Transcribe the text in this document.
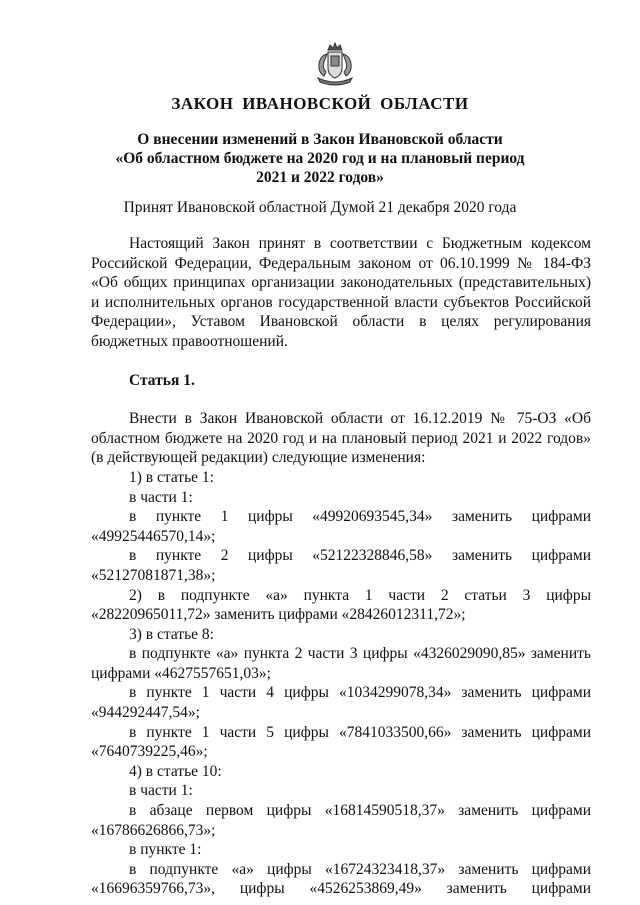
ЗАКОН ИВАНОВСКОЙ ОБЛАСТИ
О внесении изменений в Закон Ивановской области
«Об областном бюджете на 2020 год и на плановый период
2021 и 2022 годов»
Принят Ивановской областной Думой 21 декабря 2020 года

Настоящий Закон принят в соответствии с Бюджетным кодексом Российской Федерации, Федеральным законом от 06.10.1999 № 184-ФЗ «Об общих принципах организации законодательных (представительных) и исполнительных органов государственной власти субъектов Российской Федерации», Уставом Ивановской области в целях регулирования бюджетных правоотношений.

Статья 1.

Внести в Закон Ивановской области от 16.12.2019 № 75-ОЗ «Об областном бюджете на 2020 год и на плановый период 2021 и 2022 годов» (в действующей редакции) следующие изменения:

1) в статье 1:

в части 1:

в пункте 1 цифры «49920693545,34» заменить цифрами «49925446570,14»;

в пункте 2 цифры «52122328846,58» заменить цифрами «52127081871,38»;

2) в подпункте «а» пункта 1 части 2 статьи 3 цифры «28220965011,72» заменить цифрами «28426012311,72»;

3) в статье 8:

в подпункте «а» пункта 2 части 3 цифры «4326029090,85» заменить цифрами «4627557651,03»;

в пункте 1 части 4 цифры «1034299078,34» заменить цифрами «944292447,54»;

в пункте 1 части 5 цифры «7841033500,66» заменить цифрами «7640739225,46»;

4) в статье 10:

в части 1:

в абзаце первом цифры «16814590518,37» заменить цифрами «16786626866,73»;

в пункте 1:

в подпункте «а» цифры «16724323418,37» заменить цифрами «16696359766,73», цифры «4526253869,49» заменить цифрами
